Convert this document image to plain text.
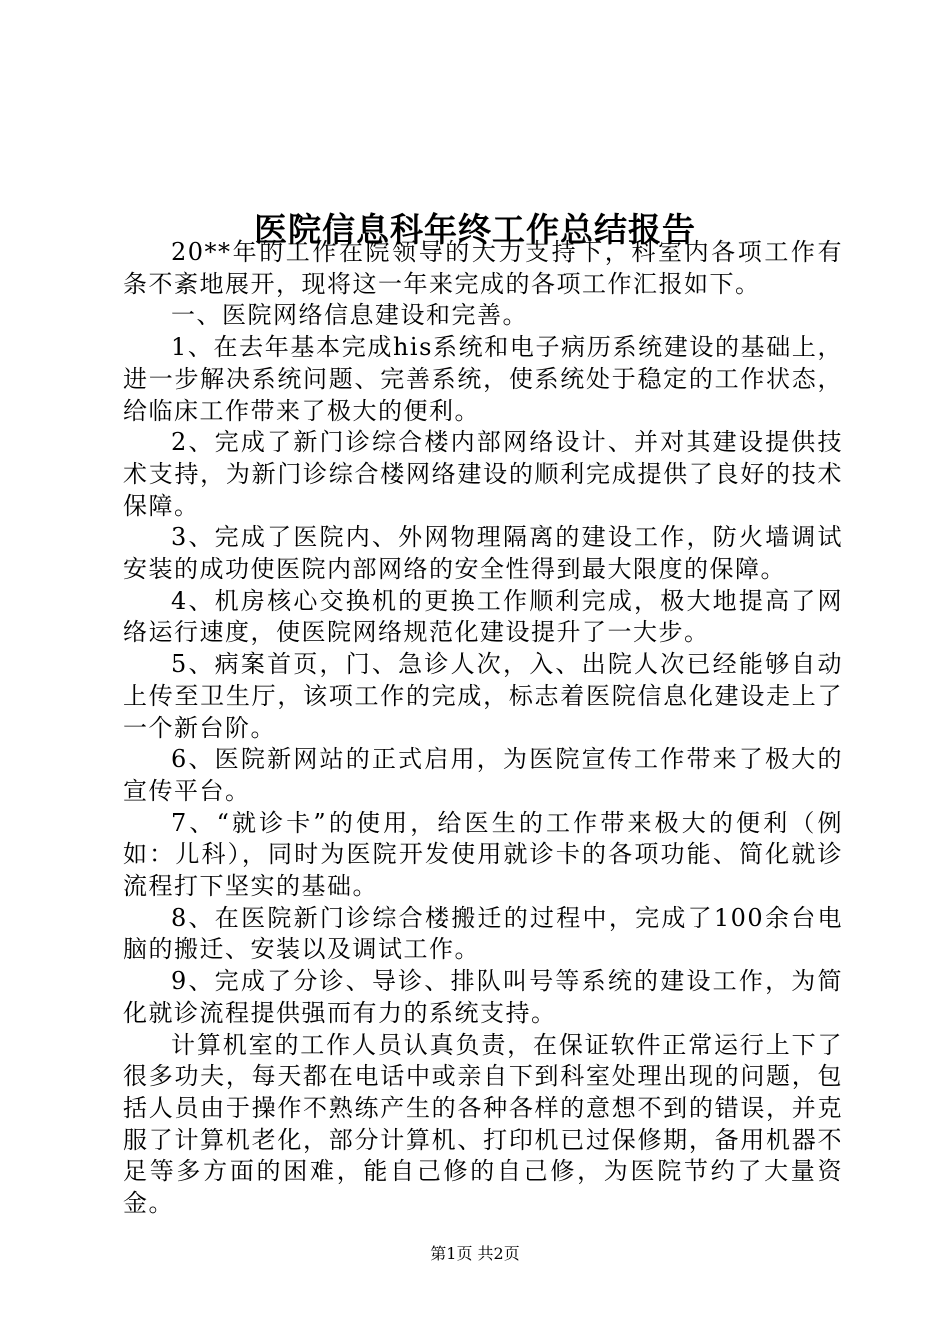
医院信息科年终工作总结报告

20**年的工作在院领导的大力支持下，科室内各项工作有条不紊地展开，现将这一年来完成的各项工作汇报如下。

一、医院网络信息建设和完善。

1、在去年基本完成his系统和电子病历系统建设的基础上，进一步解决系统问题、完善系统，使系统处于稳定的工作状态，给临床工作带来了极大的便利。

2、完成了新门诊综合楼内部网络设计、并对其建设提供技术支持，为新门诊综合楼网络建设的顺利完成提供了良好的技术保障。

3、完成了医院内、外网物理隔离的建设工作，防火墙调试安装的成功使医院内部网络的安全性得到最大限度的保障。

4、机房核心交换机的更换工作顺利完成，极大地提高了网络运行速度，使医院网络规范化建设提升了一大步。

5、病案首页，门、急诊人次，入、出院人次已经能够自动上传至卫生厅，该项工作的完成，标志着医院信息化建设走上了一个新台阶。

6、医院新网站的正式启用，为医院宣传工作带来了极大的宣传平台。

7、“就诊卡”的使用，给医生的工作带来极大的便利（例如：儿科），同时为医院开发使用就诊卡的各项功能、简化就诊流程打下坚实的基础。

8、在医院新门诊综合楼搬迁的过程中，完成了100余台电脑的搬迁、安装以及调试工作。

9、完成了分诊、导诊、排队叫号等系统的建设工作，为简化就诊流程提供强而有力的系统支持。

计算机室的工作人员认真负责，在保证软件正常运行上下了很多功夫，每天都在电话中或亲自下到科室处理出现的问题，包括人员由于操作不熟练产生的各种各样的意想不到的错误，并克服了计算机老化，部分计算机、打印机已过保修期，备用机器不足等多方面的困难，能自己修的自己修，为医院节约了大量资金。

第1页 共2页
